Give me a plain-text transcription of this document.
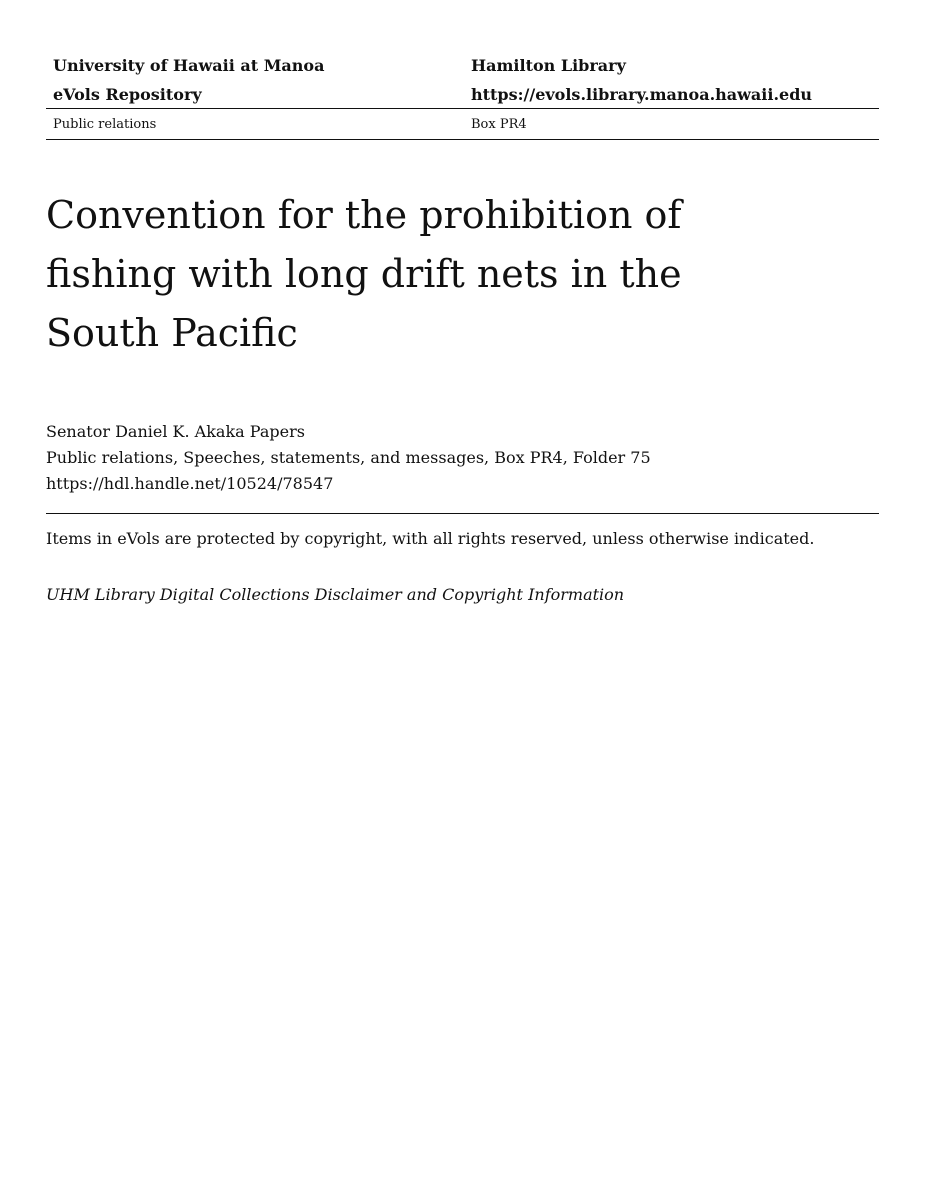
University of Hawaii at Manoa	Hamilton Library
eVols Repository	https://evols.library.manoa.hawaii.edu
Public relations	Box PR4
Convention for the prohibition of fishing with long drift nets in the South Pacific
Senator Daniel K. Akaka Papers
Public relations, Speeches, statements, and messages, Box PR4, Folder 75
https://hdl.handle.net/10524/78547
Items in eVols are protected by copyright, with all rights reserved, unless otherwise indicated.
UHM Library Digital Collections Disclaimer and Copyright Information
